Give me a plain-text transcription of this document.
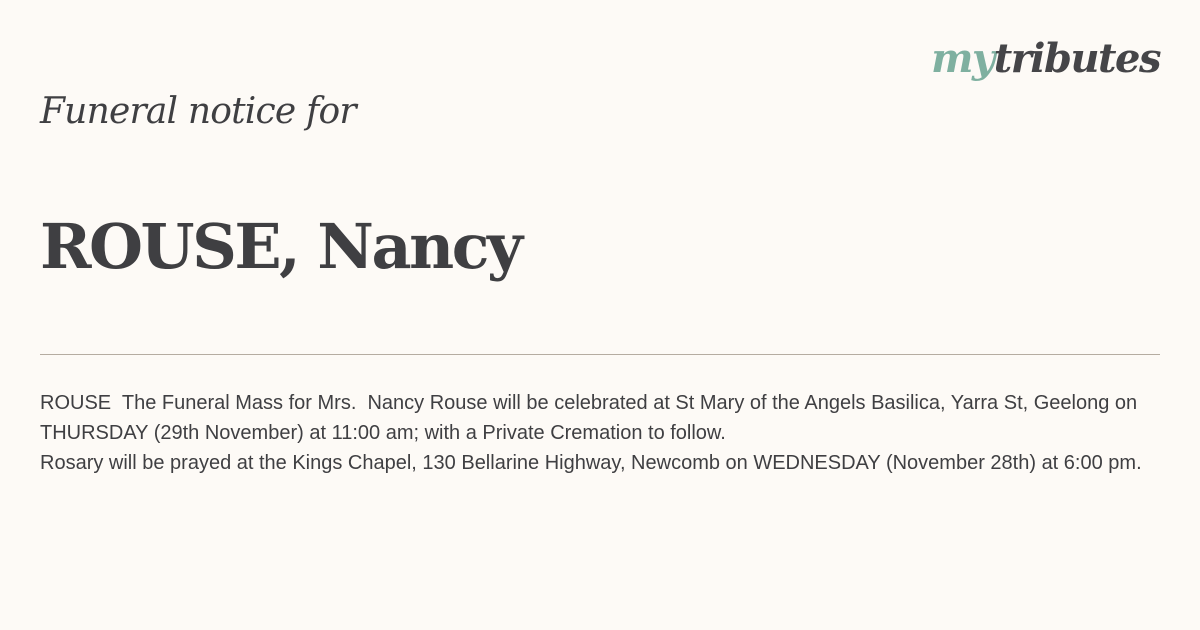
mytributes
Funeral notice for
ROUSE, Nancy

ROUSE  The Funeral Mass for Mrs.  Nancy Rouse will be celebrated at St Mary of the Angels Basilica, Yarra St, Geelong on THURSDAY (29th November) at 11:00 am; with a Private Cremation to follow.

Rosary will be prayed at the Kings Chapel, 130 Bellarine Highway, Newcomb on WEDNESDAY (November 28th) at 6:00 pm.
